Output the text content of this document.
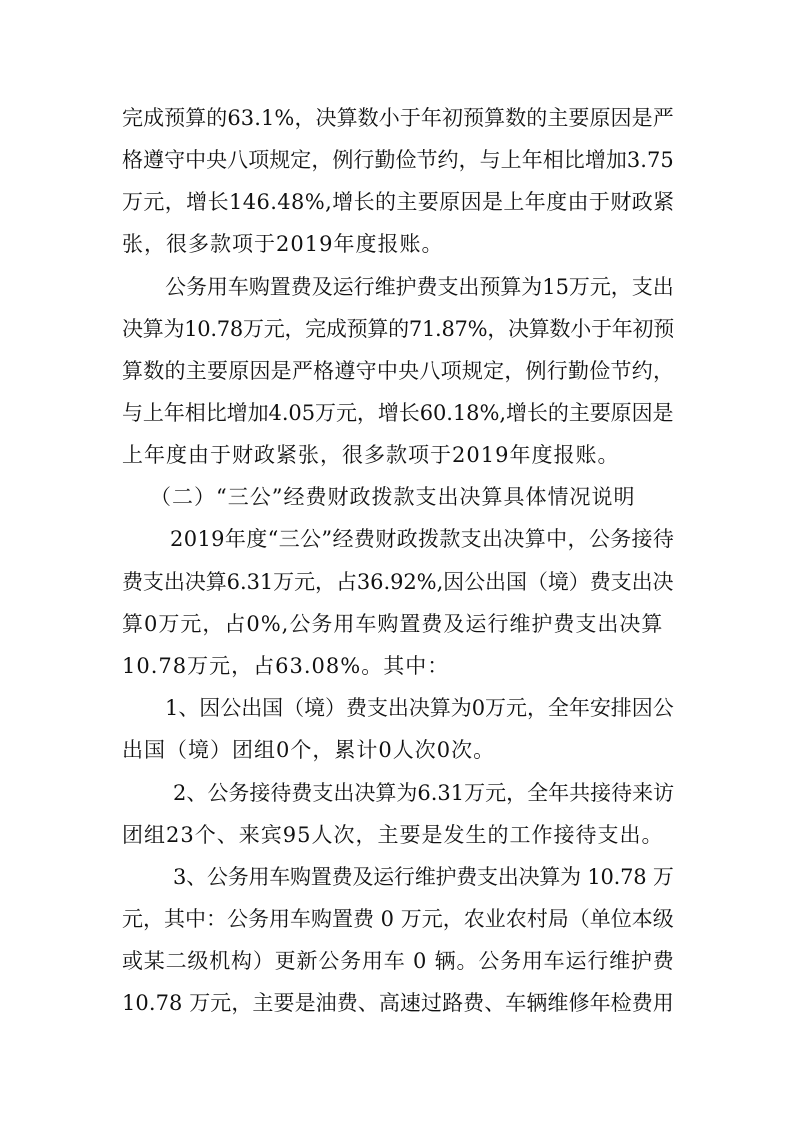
完成预算的63.1%，决算数小于年初预算数的主要原因是严
格遵守中央八项规定，例行勤俭节约，与上年相比增加3.75
万元，增长146.48%,增长的主要原因是上年度由于财政紧
张，很多款项于2019年度报账。
公务用车购置费及运行维护费支出预算为15万元，支出
决算为10.78万元，完成预算的71.87%，决算数小于年初预
算数的主要原因是严格遵守中央八项规定，例行勤俭节约，
与上年相比增加4.05万元，增长60.18%,增长的主要原因是
上年度由于财政紧张，很多款项于2019年度报账。
（二）“三公”经费财政拨款支出决算具体情况说明
2019年度“三公”经费财政拨款支出决算中，公务接待
费支出决算6.31万元，占36.92%,因公出国（境）费支出决
算0万元，占0%,公务用车购置费及运行维护费支出决算
10.78万元，占63.08%。其中：
1、因公出国（境）费支出决算为0万元，全年安排因公
出国（境）团组0个，累计0人次0次。
2、公务接待费支出决算为6.31万元，全年共接待来访
团组23个、来宾95人次，主要是发生的工作接待支出。
3、公务用车购置费及运行维护费支出决算为 10.78 万
元，其中：公务用车购置费 0 万元，农业农村局（单位本级
或某二级机构）更新公务用车 0 辆。公务用车运行维护费
10.78 万元，主要是油费、高速过路费、车辆维修年检费用
